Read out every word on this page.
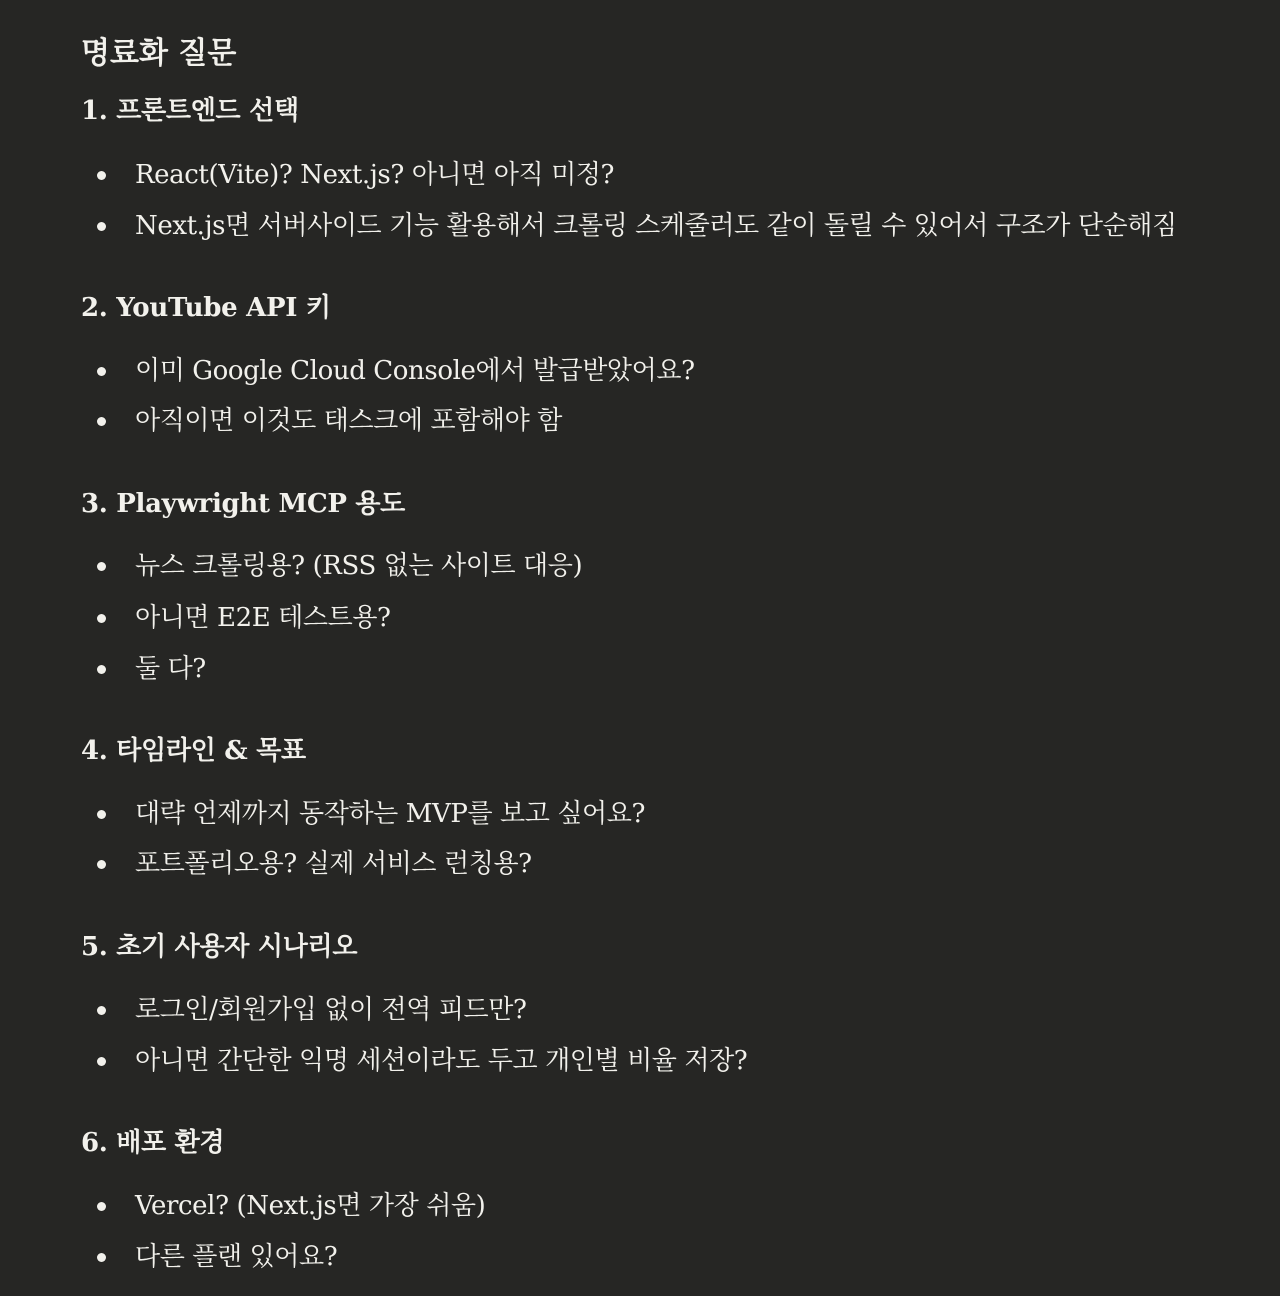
명료화 질문
1. 프론트엔드 선택
React(Vite)? Next.js? 아니면 아직 미정?
Next.js면 서버사이드 기능 활용해서 크롤링 스케줄러도 같이 돌릴 수 있어서 구조가 단순해짐
2. YouTube API 키
이미 Google Cloud Console에서 발급받았어요?
아직이면 이것도 태스크에 포함해야 함
3. Playwright MCP 용도
뉴스 크롤링용? (RSS 없는 사이트 대응)
아니면 E2E 테스트용?
둘 다?
4. 타임라인 & 목표
대략 언제까지 동작하는 MVP를 보고 싶어요?
포트폴리오용? 실제 서비스 런칭용?
5. 초기 사용자 시나리오
로그인/회원가입 없이 전역 피드만?
아니면 간단한 익명 세션이라도 두고 개인별 비율 저장?
6. 배포 환경
Vercel? (Next.js면 가장 쉬움)
다른 플랜 있어요?
